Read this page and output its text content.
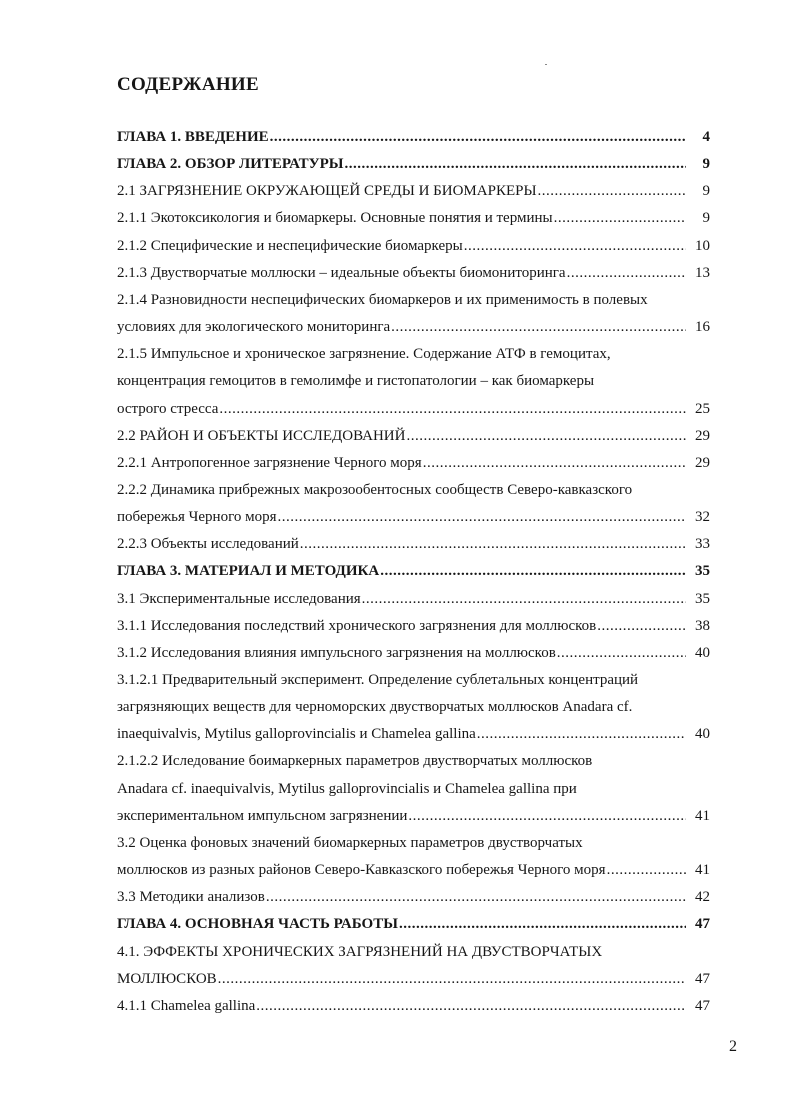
СОДЕРЖАНИЕ
ГЛАВА 1. ВВЕДЕНИЕ .....	4
ГЛАВА 2. ОБЗОР ЛИТЕРАТУРЫ .....	9
2.1 ЗАГРЯЗНЕНИЕ ОКРУЖАЮЩЕЙ СРЕДЫ И БИОМАРКЕРЫ .....	9
2.1.1 Экотоксикология и биомаркеры. Основные понятия и термины .....	9
2.1.2 Специфические и неспецифические биомаркеры .....	10
2.1.3 Двустворчатые моллюски – идеальные объекты биомониторинга .....	13
2.1.4 Разновидности неспецифических биомаркеров и их применимость в полевых
условиях для экологического мониторинга .....	16
2.1.5 Импульсное и хроническое загрязнение. Содержание АТФ в гемоцитах,
концентрация гемоцитов в гемолимфе и гистопатологии – как биомаркеры
острого стресса .....	25
2.2 РАЙОН И ОБЪЕКТЫ ИССЛЕДОВАНИЙ .....	29
2.2.1 Антропогенное загрязнение Черного моря .....	29
2.2.2 Динамика прибрежных макрозообентосных сообществ Северо-кавказского
побережья Черного моря .....	32
2.2.3 Объекты исследований .....	33
ГЛАВА 3. МАТЕРИАЛ И МЕТОДИКА .....	35
3.1 Экспериментальные исследования .....	35
3.1.1 Исследования последствий хронического загрязнения для моллюсков .....	38
3.1.2 Исследования влияния импульсного загрязнения на моллюсков .....	40
3.1.2.1 Предварительный эксперимент. Определение сублетальных концентраций
загрязняющих веществ для черноморских двустворчатых моллюсков Anadara cf.
inaequivalvis, Mytilus galloprovincialis и Chamelea gallina .....	40
2.1.2.2 Иследование боимаркерных параметров двустворчатых моллюсков
Anadara cf. inaequivalvis, Mytilus galloprovincialis и Chamelea gallina при
экспериментальном импульсном загрязнении .....	41
3.2 Оценка фоновых значений биомаркерных параметров двустворчатых
моллюсков из разных районов Северо-Кавказского побережья Черного моря .....	41
3.3 Методики анализов .....	42
ГЛАВА 4. ОСНОВНАЯ ЧАСТЬ РАБОТЫ .....	47
4.1. ЭФФЕКТЫ ХРОНИЧЕСКИХ ЗАГРЯЗНЕНИЙ НА ДВУСТВОРЧАТЫХ
МОЛЛЮСКОВ .....	47
4.1.1 Chamelea gallina .....	47
2
